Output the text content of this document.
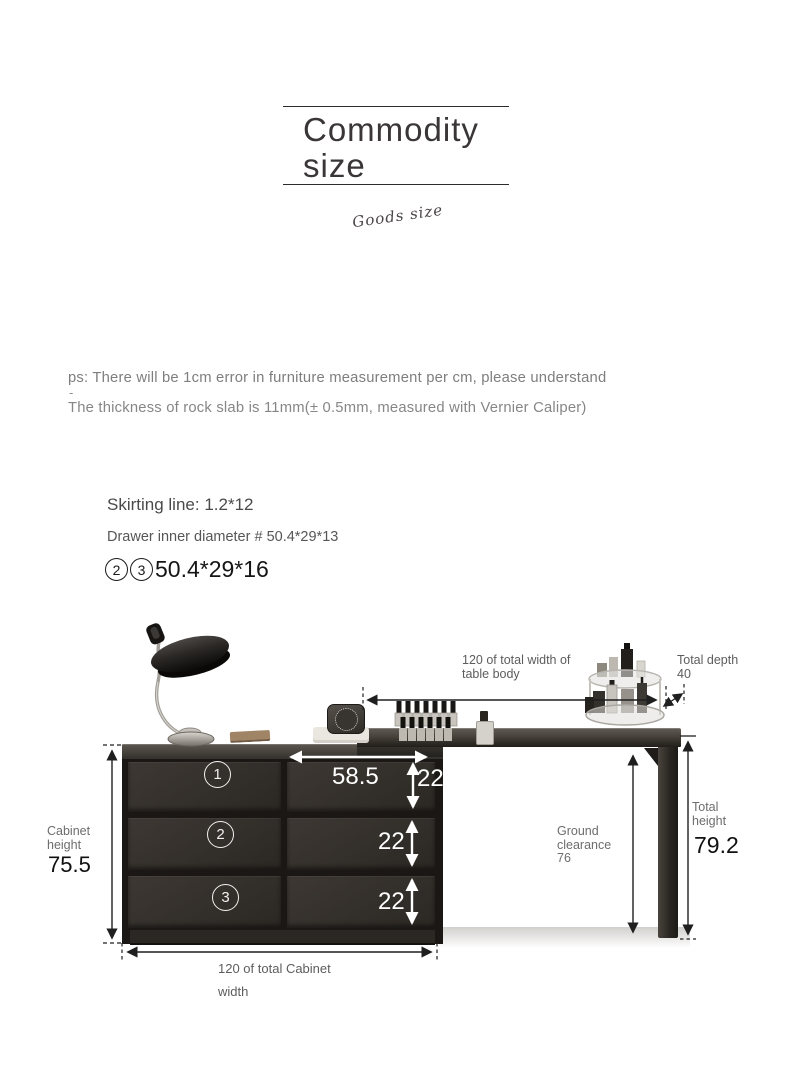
Commodity
size
Goods size
ps: There will be 1cm error in furniture measurement per cm, please understand
-
The thickness of rock slab is 11mm(± 0.5mm, measured with Vernier Caliper)
Skirting line: 1.2*12
Drawer inner diameter # 50.4*29*13
2	3 50.4*29*16
120 of total width of
table body
Total depth
40
Cabinet
height
75.5
1
2
3
58.5 22
22
22
Ground
clearance
76
Total
height
79.2
120 of total Cabinet
width
